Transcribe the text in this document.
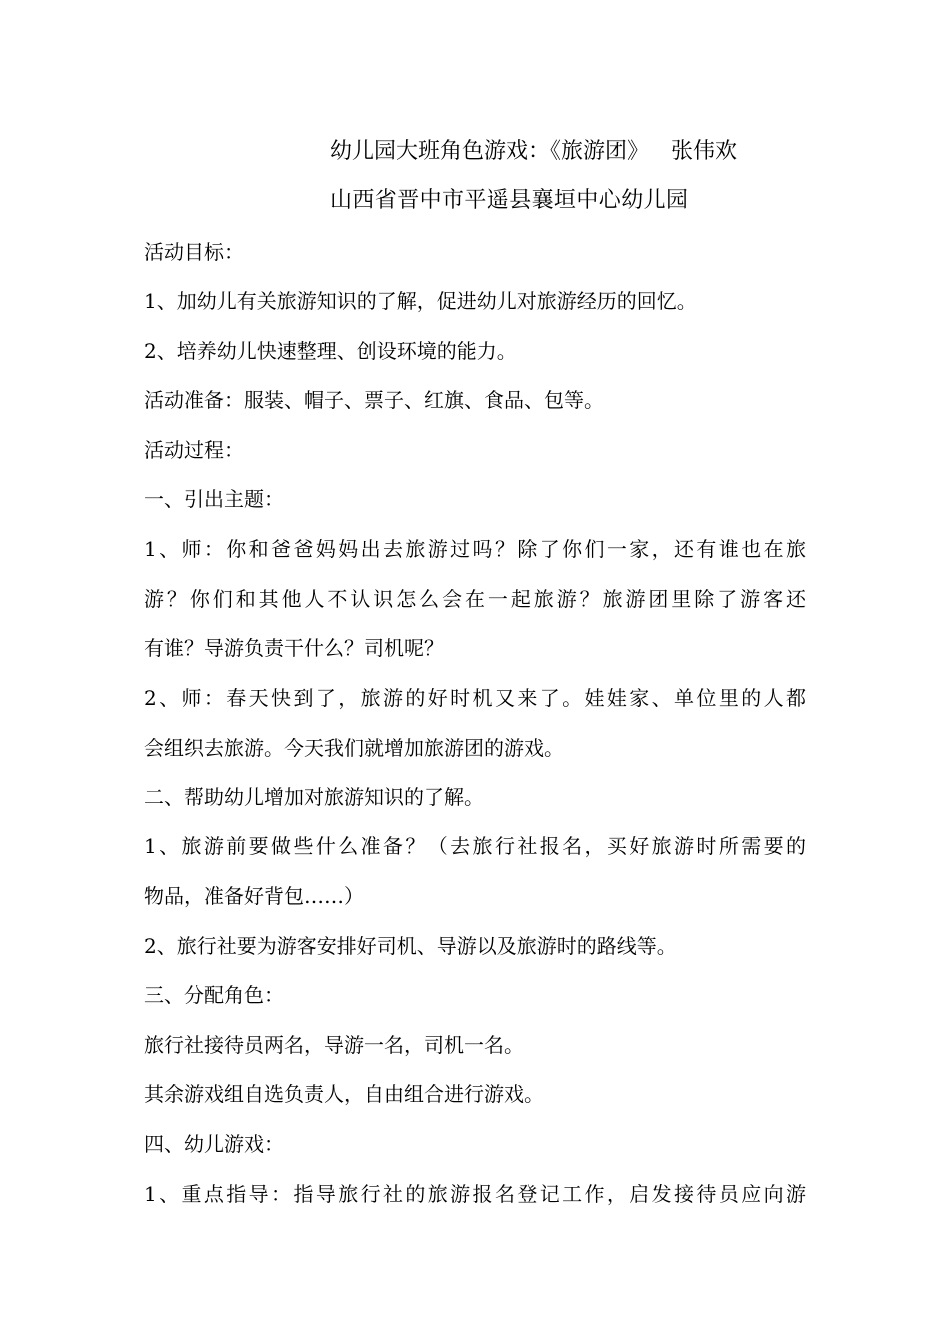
幼儿园大班角色游戏：《旅游团》 张伟欢
山西省晋中市平遥县襄垣中心幼儿园
活动目标：
1、加幼儿有关旅游知识的了解，促进幼儿对旅游经历的回忆。
2、培养幼儿快速整理、创设环境的能力。
活动准备：服装、帽子、票子、红旗、食品、包等。
活动过程：
一、引出主题：
1、师：你和爸爸妈妈出去旅游过吗？除了你们一家，还有谁也在旅
游？你们和其他人不认识怎么会在一起旅游？旅游团里除了游客还
有谁？导游负责干什么？司机呢？
2、师：春天快到了，旅游的好时机又来了。娃娃家、单位里的人都
会组织去旅游。今天我们就增加旅游团的游戏。
二、帮助幼儿增加对旅游知识的了解。
1、旅游前要做些什么准备？（去旅行社报名，买好旅游时所需要的
物品，准备好背包……）
2、旅行社要为游客安排好司机、导游以及旅游时的路线等。
三、分配角色：
旅行社接待员两名，导游一名，司机一名。
其余游戏组自选负责人，自由组合进行游戏。
四、幼儿游戏：
1、重点指导：指导旅行社的旅游报名登记工作，启发接待员应向游
